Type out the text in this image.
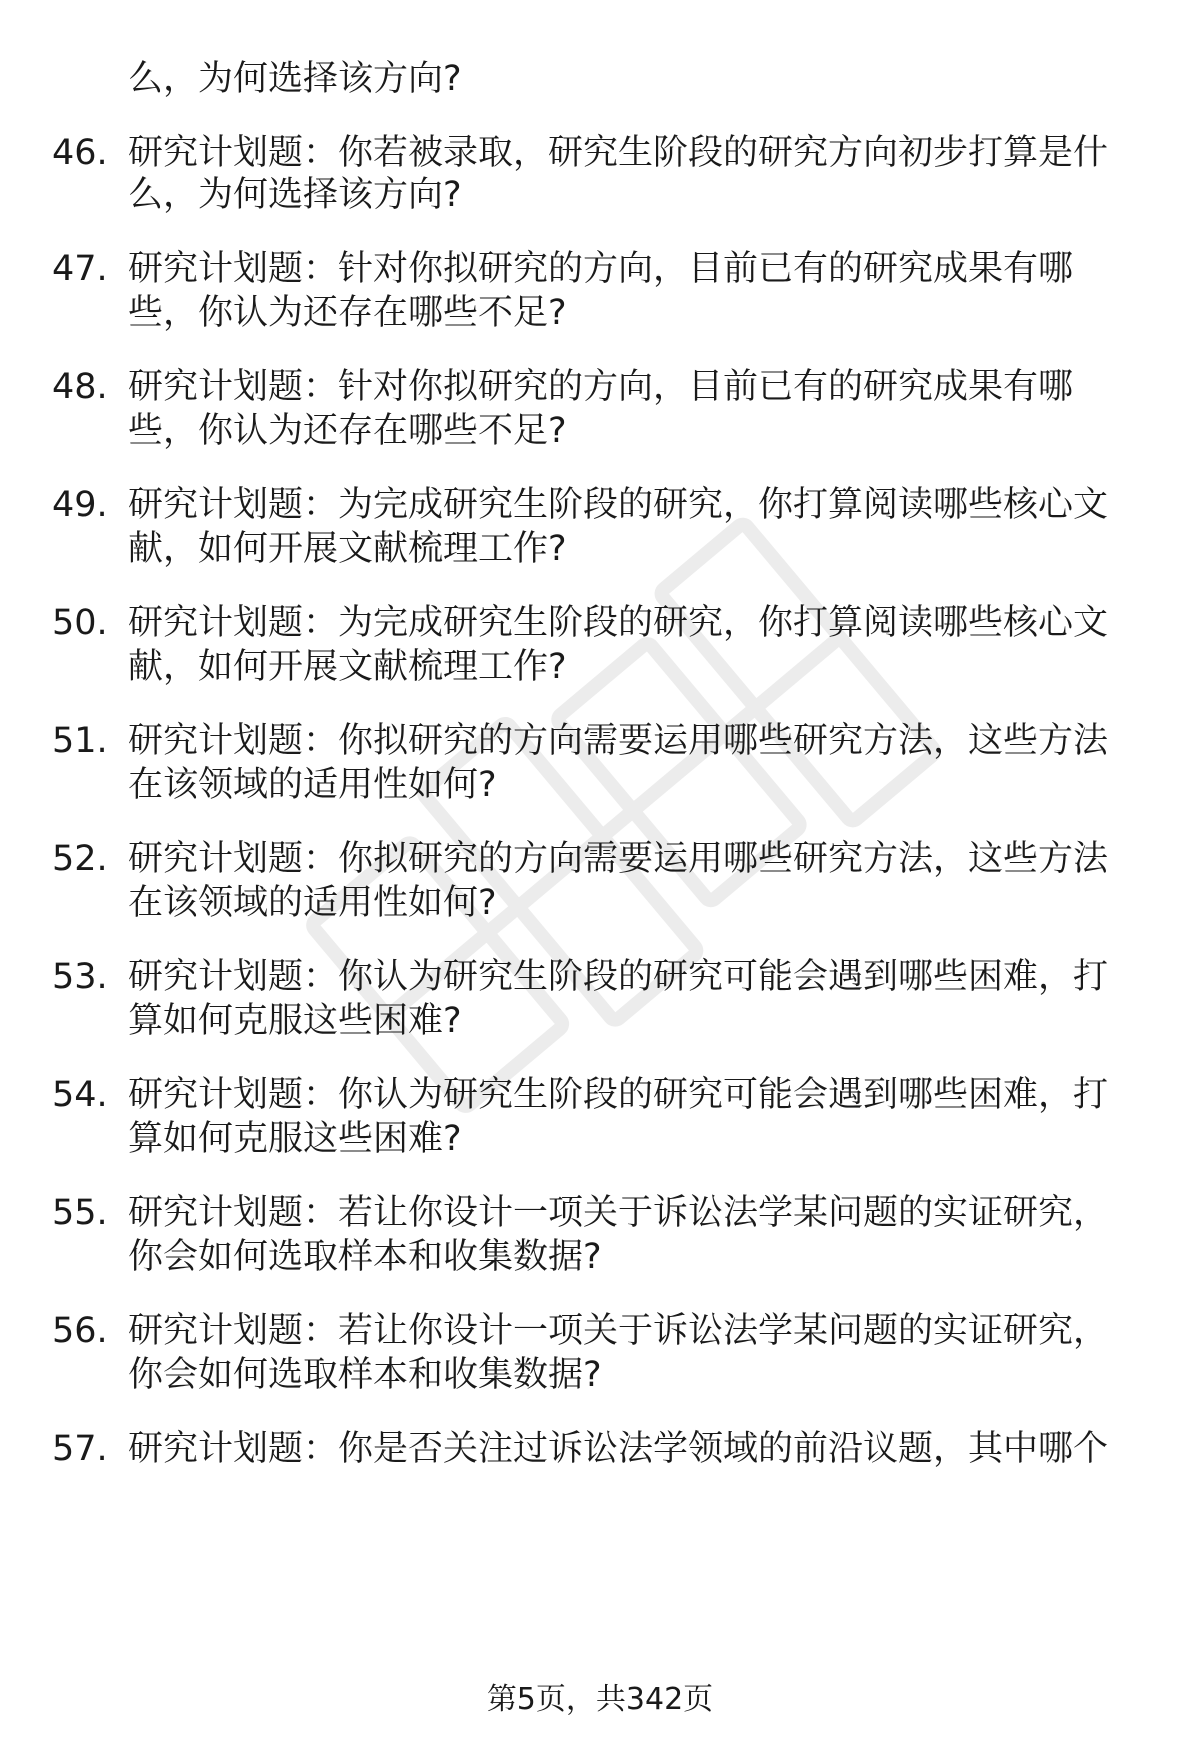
么，为何选择该方向?
46. 研究计划题：你若被录取，研究生阶段的研究方向初步打算是什
么，为何选择该方向?
47. 研究计划题：针对你拟研究的方向，目前已有的研究成果有哪
些，你认为还存在哪些不足?
48. 研究计划题：针对你拟研究的方向，目前已有的研究成果有哪
些，你认为还存在哪些不足?
49. 研究计划题：为完成研究生阶段的研究，你打算阅读哪些核心文
献，如何开展文献梳理工作?
50. 研究计划题：为完成研究生阶段的研究，你打算阅读哪些核心文
献，如何开展文献梳理工作?
51. 研究计划题：你拟研究的方向需要运用哪些研究方法，这些方法
在该领域的适用性如何?
52. 研究计划题：你拟研究的方向需要运用哪些研究方法，这些方法
在该领域的适用性如何?
53. 研究计划题：你认为研究生阶段的研究可能会遇到哪些困难，打
算如何克服这些困难?
54. 研究计划题：你认为研究生阶段的研究可能会遇到哪些困难，打
算如何克服这些困难?
55. 研究计划题：若让你设计一项关于诉讼法学某问题的实证研究，
你会如何选取样本和收集数据?
56. 研究计划题：若让你设计一项关于诉讼法学某问题的实证研究，
你会如何选取样本和收集数据?
57. 研究计划题：你是否关注过诉讼法学领域的前沿议题，其中哪个
第5页，共342页
